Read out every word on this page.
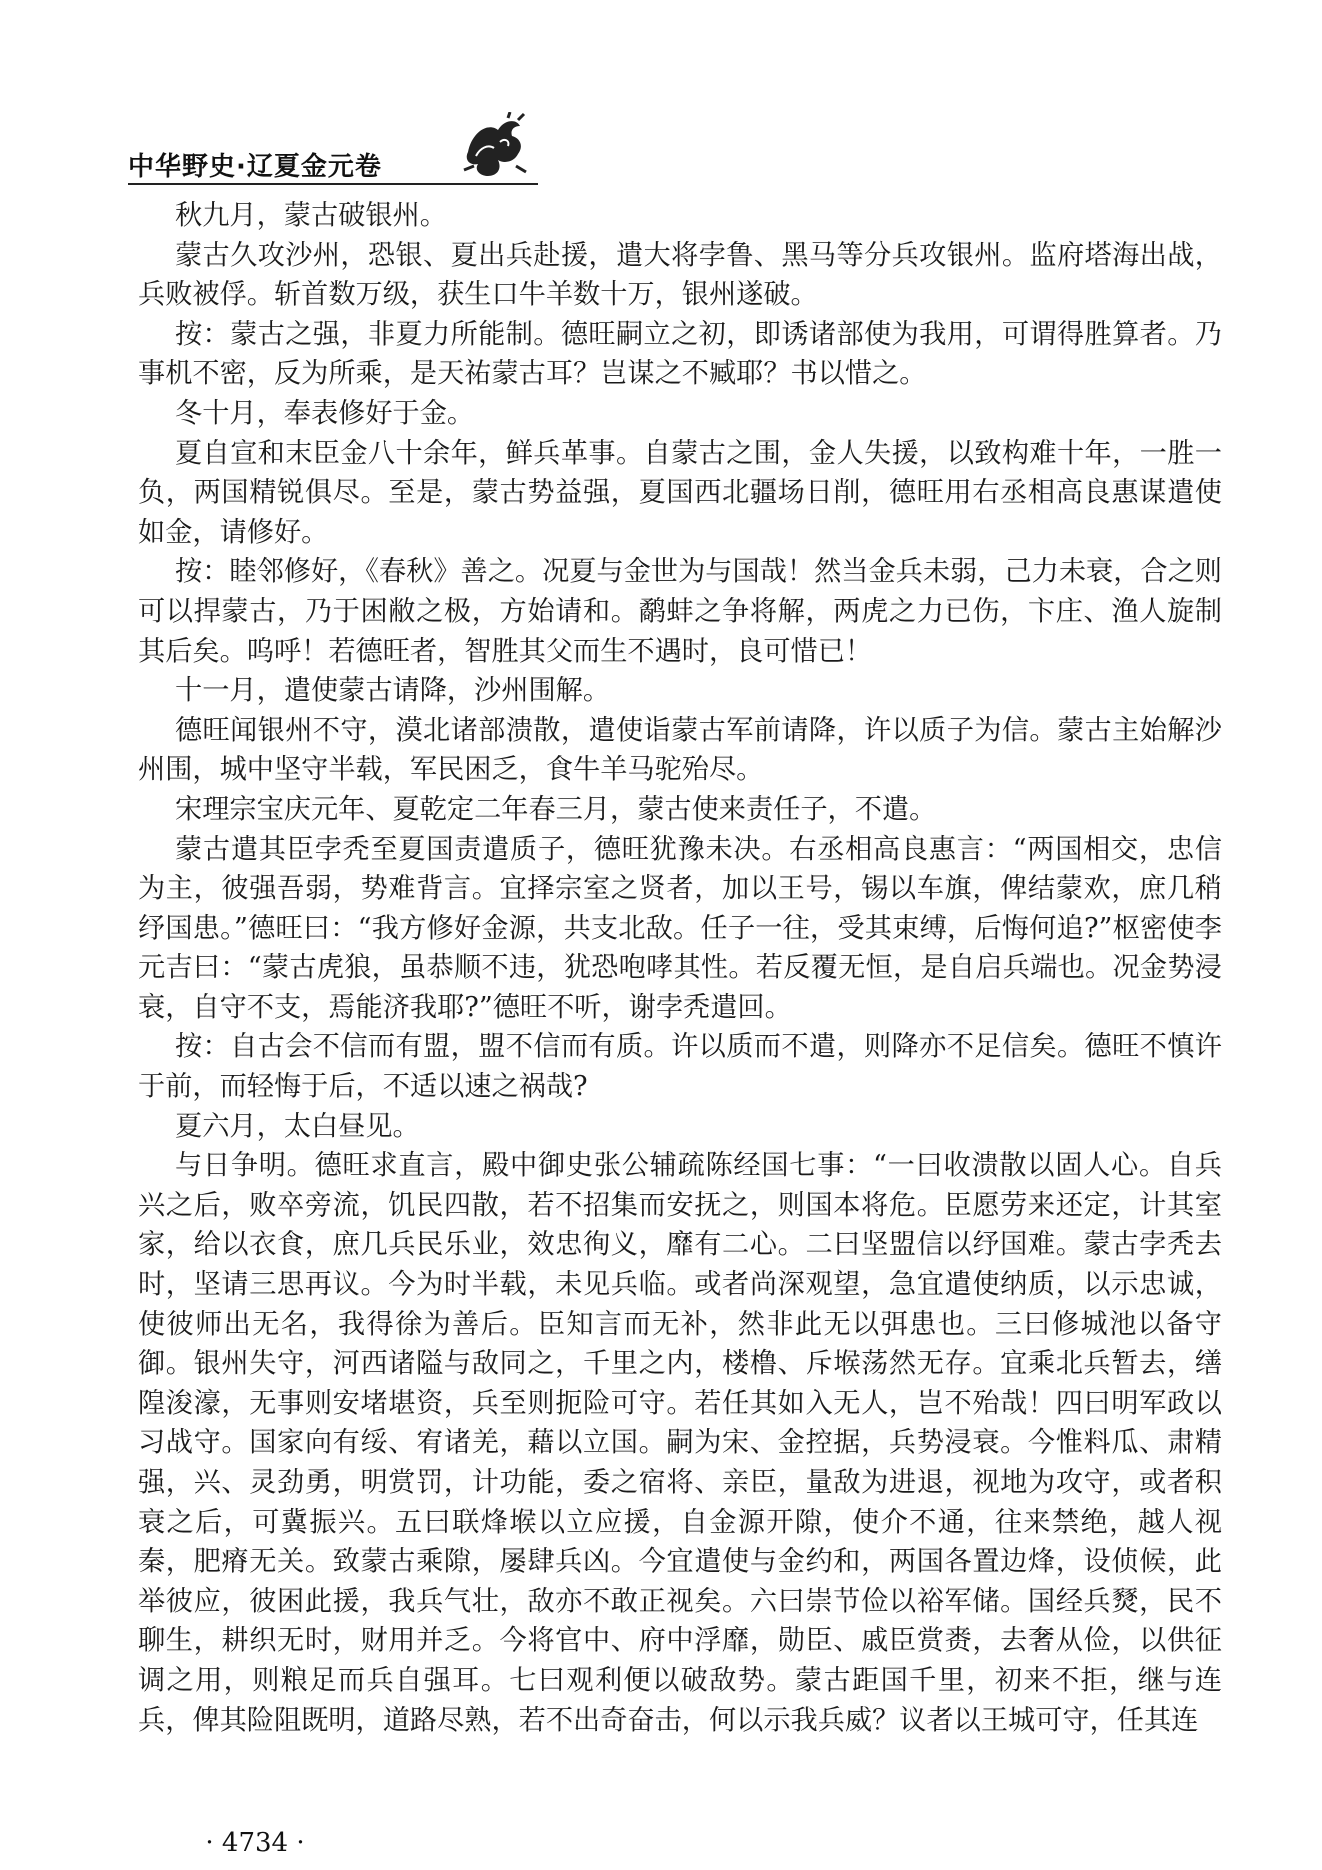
中华野史·辽夏金元卷

秋九月，蒙古破银州。

蒙古久攻沙州，恐银、夏出兵赴援，遣大将孛鲁、黑马等分兵攻银州。监府塔海出战，兵败被俘。斩首数万级，获生口牛羊数十万，银州遂破。

按：蒙古之强，非夏力所能制。德旺嗣立之初，即诱诸部使为我用，可谓得胜算者。乃事机不密，反为所乘，是天祐蒙古耳？岂谋之不臧耶？书以惜之。

冬十月，奉表修好于金。

夏自宣和末臣金八十余年，鲜兵革事。自蒙古之围，金人失援，以致构难十年，一胜一负，两国精锐俱尽。至是，蒙古势益强，夏国西北疆场日削，德旺用右丞相高良惠谋遣使如金，请修好。

按：睦邻修好，《春秋》善之。况夏与金世为与国哉！然当金兵未弱，己力未衰，合之则可以捍蒙古，乃于困敝之极，方始请和。鹬蚌之争将解，两虎之力已伤，卞庄、渔人旋制其后矣。呜呼！若德旺者，智胜其父而生不遇时，良可惜已！

十一月，遣使蒙古请降，沙州围解。

德旺闻银州不守，漠北诸部溃散，遣使诣蒙古军前请降，许以质子为信。蒙古主始解沙州围，城中坚守半载，军民困乏，食牛羊马驼殆尽。

宋理宗宝庆元年、夏乾定二年春三月，蒙古使来责任子，不遣。

蒙古遣其臣孛秃至夏国责遣质子，德旺犹豫未决。右丞相高良惠言：“两国相交，忠信为主，彼强吾弱，势难背言。宜择宗室之贤者，加以王号，锡以车旗，俾结蒙欢，庶几稍纾国患。”德旺曰：“我方修好金源，共支北敌。任子一往，受其束缚，后悔何追?”枢密使李元吉曰：“蒙古虎狼，虽恭顺不违，犹恐咆哮其性。若反覆无恒，是自启兵端也。况金势浸衰，自守不支，焉能济我耶?”德旺不听，谢孛秃遣回。

按：自古会不信而有盟，盟不信而有质。许以质而不遣，则降亦不足信矣。德旺不慎许于前，而轻悔于后，不适以速之祸哉?

夏六月，太白昼见。

与日争明。德旺求直言，殿中御史张公辅疏陈经国七事：“一曰收溃散以固人心。自兵兴之后，败卒旁流，饥民四散，若不招集而安抚之，则国本将危。臣愿劳来还定，计其室家，给以衣食，庶几兵民乐业，效忠徇义，靡有二心。二曰坚盟信以纾国难。蒙古孛秃去时，坚请三思再议。今为时半载，未见兵临。或者尚深观望，急宜遣使纳质，以示忠诚，使彼师出无名，我得徐为善后。臣知言而无补，然非此无以弭患也。三曰修城池以备守御。银州失守，河西诸隘与敌同之，千里之内，楼橹、斥堠荡然无存。宜乘北兵暂去，缮隍浚濠，无事则安堵堪资，兵至则扼险可守。若任其如入无人，岂不殆哉！四曰明军政以习战守。国家向有绥、宥诸羌，藉以立国。嗣为宋、金控据，兵势浸衰。今惟料瓜、肃精强，兴、灵劲勇，明赏罚，计功能，委之宿将、亲臣，量敌为进退，视地为攻守，或者积衰之后，可冀振兴。五曰联烽堠以立应援，自金源开隙，使介不通，往来禁绝，越人视秦，肥瘠无关。致蒙古乘隙，屡肆兵凶。今宜遣使与金约和，两国各置边烽，设侦候，此举彼应，彼困此援，我兵气壮，敌亦不敢正视矣。六曰崇节俭以裕军储。国经兵燹，民不聊生，耕织无时，财用并乏。今将官中、府中浮靡，勋臣、戚臣赏赉，去奢从俭，以供征调之用，则粮足而兵自强耳。七曰观利便以破敌势。蒙古距国千里，初来不拒，继与连兵，俾其险阻既明，道路尽熟，若不出奇奋击，何以示我兵威？议者以王城可守，任其连

· 4734 ·
